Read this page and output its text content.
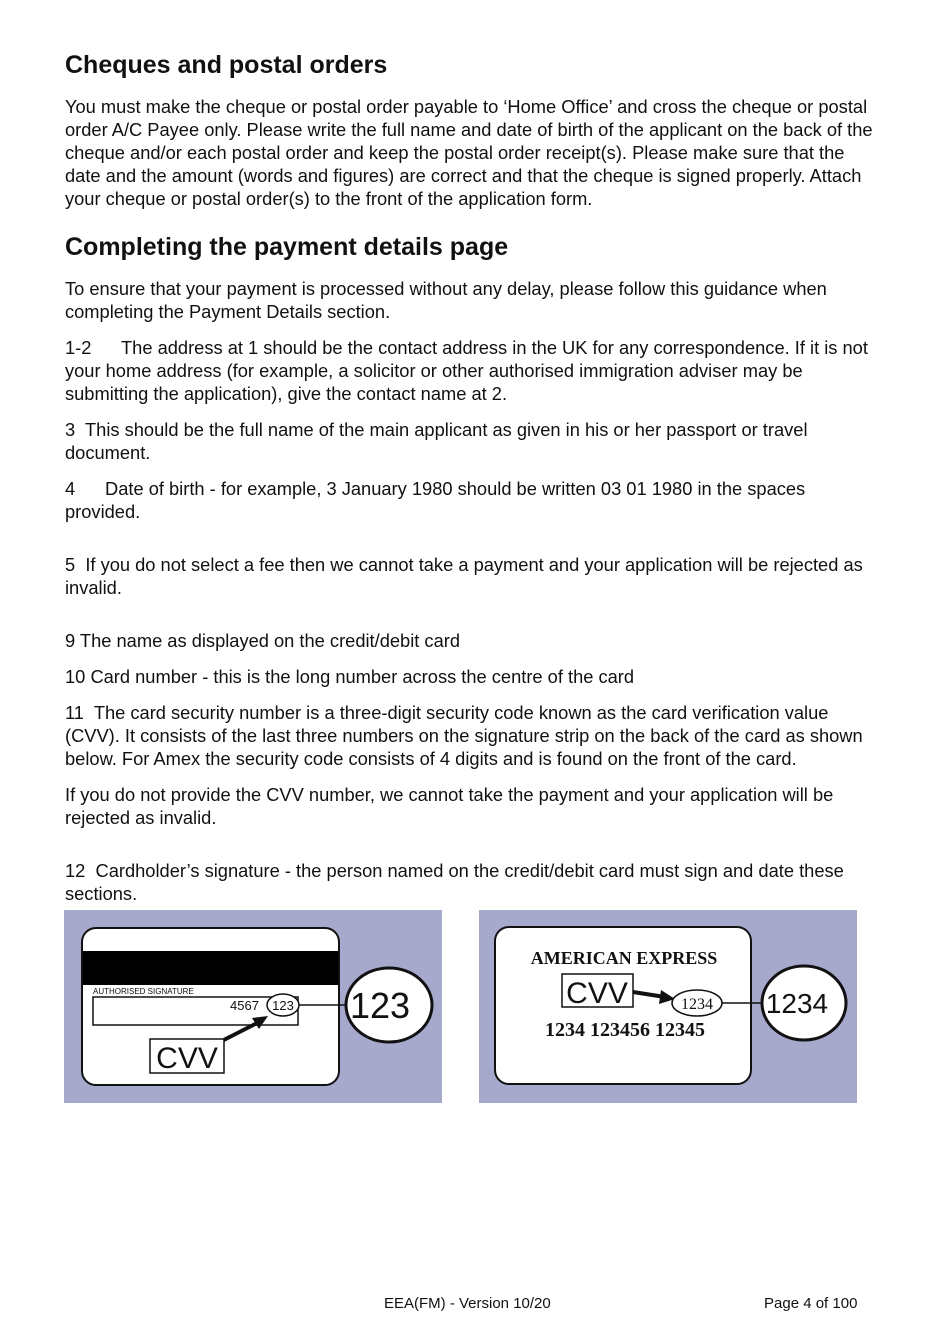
Cheques and postal orders

You must make the cheque or postal order payable to ‘Home Office’ and cross the cheque or postal order A/C Payee only. Please write the full name and date of birth of the applicant on the back of the cheque and/or each postal order and keep the postal order receipt(s). Please make sure that the date and the amount (words and figures) are correct and that the cheque is signed properly. Attach your cheque or postal order(s) to the front of the application form.

Completing the payment details page

To ensure that your payment is processed without any delay, please follow this guidance when completing the Payment Details section.

1-2 The address at 1 should be the contact address in the UK for any correspondence. If it is not your home address (for example, a solicitor or other authorised immigration adviser may be submitting the application), give the contact name at 2.

3 This should be the full name of the main applicant as given in his or her passport or travel document.

4 Date of birth - for example, 3 January 1980 should be written 03 01 1980 in the spaces provided.

5 If you do not select a fee then we cannot take a payment and your application will be rejected as invalid.

9 The name as displayed on the credit/debit card

10 Card number - this is the long number across the centre of the card

11 The card security number is a three-digit security code known as the card verification value (CVV). It consists of the last three numbers on the signature strip on the back of the card as shown below. For Amex the security code consists of 4 digits and is found on the front of the card.

If you do not provide the CVV number, we cannot take the payment and your application will be rejected as invalid.

12 Cardholder’s signature - the person named on the credit/debit card must sign and date these sections.

AUTHORISED SIGNATURE
4567 123 123
CVV
AMERICAN EXPRESS
CVV	1234 1234
1234 123456 12345
EEA(FM) - Version 10/20	Page 4 of 100
